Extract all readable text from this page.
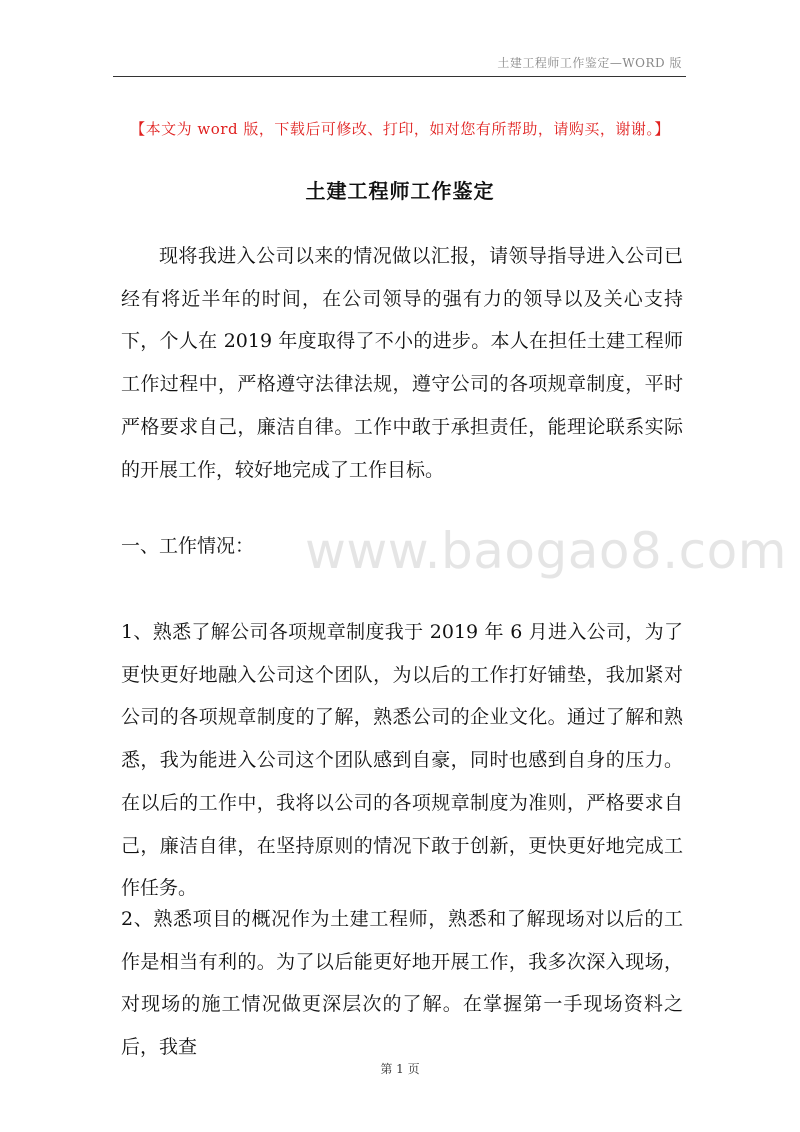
土建工程师工作鉴定—WORD 版
【本文为 word 版，下载后可修改、打印，如对您有所帮助，请购买，谢谢。】
土建工程师工作鉴定
现将我进入公司以来的情况做以汇报，请领导指导进入公司已经有将近半年的时间，在公司领导的强有力的领导以及关心支持下，个人在 2019 年度取得了不小的进步。本人在担任土建工程师工作过程中，严格遵守法律法规，遵守公司的各项规章制度，平时严格要求自己，廉洁自律。工作中敢于承担责任，能理论联系实际的开展工作，较好地完成了工作目标。
一、工作情况：
1、熟悉了解公司各项规章制度我于 2019 年 6 月进入公司，为了更快更好地融入公司这个团队，为以后的工作打好铺垫，我加紧对公司的各项规章制度的了解，熟悉公司的企业文化。通过了解和熟悉，我为能进入公司这个团队感到自豪，同时也感到自身的压力。在以后的工作中，我将以公司的各项规章制度为准则，严格要求自己，廉洁自律，在坚持原则的情况下敢于创新，更快更好地完成工作任务。
2、熟悉项目的概况作为土建工程师，熟悉和了解现场对以后的工作是相当有利的。为了以后能更好地开展工作，我多次深入现场，对现场的施工情况做更深层次的了解。在掌握第一手现场资料之后，我查
www.baogao8.com
第 1 页
